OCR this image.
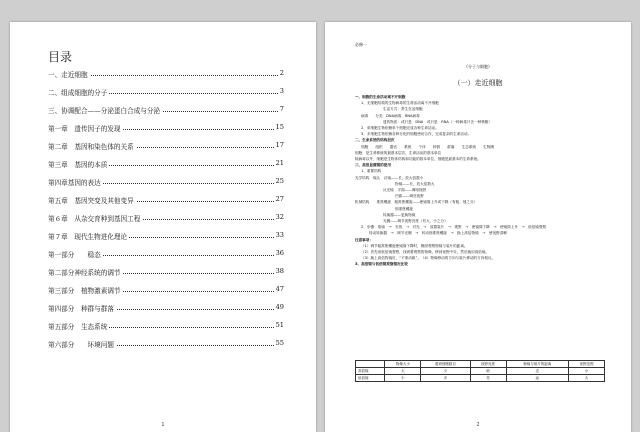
目录
一、走近细胞	2
二、组成细胞的分子	3
三、协调配合——分泌蛋白合成与分泌	7
第一章　遗传因子的发现	15
第二章　基因和染色体的关系	17
第三章　基因的本质	21
第四章基因的表达	25
第五章　基因突变及其他变异	27
第６章　从杂交育种到基因工程	32
第７章　现代生物进化理论	33
第一部分　　稳态	36
第二部分神经系统的调节	38
第三部分　植物激素调节	47
第四部分　种群与群落	49
第五部分　生态系统	51
第六部分　　环境问题	55
1
必修一
《分子与细胞》
（一）走近细胞
一、细胞的生命活动离不开细胞
1、无细胞结构的生物病毒的生命活动离不开细胞
生活方式：寄生在活细胞
病毒　　分类：DNA病毒、RNA病毒
遗传物质：或只是　DNA　或只是　RNA（一种病毒只含一种核酸）
2、单细胞生物依赖单个细胞完成各种生命活动。
3、多细胞生物依赖各种分化的细胞密切合作，完成复杂的生命活动。
二、生命系统的结构层次
细胞　　组织　　器官　　系统　　个体　　种群　　群落　　生态系统　　生物圈
细胞：是生命系统的最基本层次，生命活动的基本单位
除病毒以外，细胞是生物体结构和功能的基本单位，细胞是最基本的生命系统。
三、高倍显微镜的使用
1、重要结构
光学结构　镜头　目镜——长，放大倍数小
物镜——长，放大倍数大
反光镜　平面——调暗视野
凹面——调亮视野
机械结构　　准焦螺旋　粗准焦螺旋——使镜筒上升或下降（有粗、细之分）
细准焦螺旋
转换器——更换物镜
光圈——调节视野亮度（有大、小之分）
2、步骤：取镜　→　安放　→　对光　→　放置装片　→　观察　→　使镜筒下降　→　使镜筒上升　→　低倍镜观察
转动转换器　→　调节光圈　→　转动细准焦螺旋　→　换上高倍物镜　→　使视野清晰
注意事项：
（1）调节粗准焦螺旋使镜筒下降时，侧面观察物镜与装片的距离。
（2）首先用低倍镜观察，找到要观察的物像，移到视野中央，然后换用高倍镜。
（3）换上高倍物镜后，“不准动粗”。（4）物像移动的方向与装片移动的方向相反。
3、高倍镜与低倍镜观察情况比较
	物像大小	看到细胞数目	视野亮度	物镜与玻片的距离	视野范围
高倍镜	大	少	暗	近	小
低倍镜	小	多	亮	远	大
2
